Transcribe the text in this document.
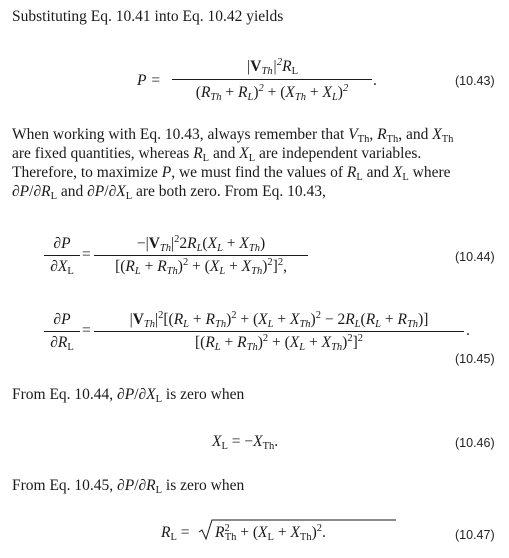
Substituting Eq. 10.41 into Eq. 10.42 yields
P =
$|V_{Th}|^2R_L$
$(R_{Th} + R_L)^2 + (X_{Th} + X_L)^2$	.	(10.43)
When working with Eq. 10.43, always remember that $V_{Th}$, $R_{Th}$, and $X_{Th}$
are fixed quantities, whereas $R_L$ and $X_L$ are independent variables.
Therefore, to maximize P, we must find the values of $R_L$ and $X_L$ where
$\partial P/\partial R_L$ and $\partial P/\partial X_L$ are both zero. From Eq. 10.43,
∂P
$\partial X_L$
=
$-|V_{Th}|^22R_L(X_L + X_{Th})$
$[(R_L + R_{Th})^2 + (X_L + X_{Th})^2]^2$,
(10.44)
∂P
$\partial R_L$
=
$|V_{Th}|^2[(R_L + R_{Th})^2 + (X_L + X_{Th})^2 - 2R_L(R_L + R_{Th})]$
$[(R_L + R_{Th})^2 + (X_L + X_{Th})^2]^2$	.
(10.45)
From Eq. 10.44, $\partial P/\partial X_L$ is zero when
$X_L = -X_{Th}$.	(10.46)
From Eq. 10.45, $\partial P/\partial R_L$ is zero when
$R_L = R^2_{Th} + (X_L + X_{Th})^2$.	(10.47)
